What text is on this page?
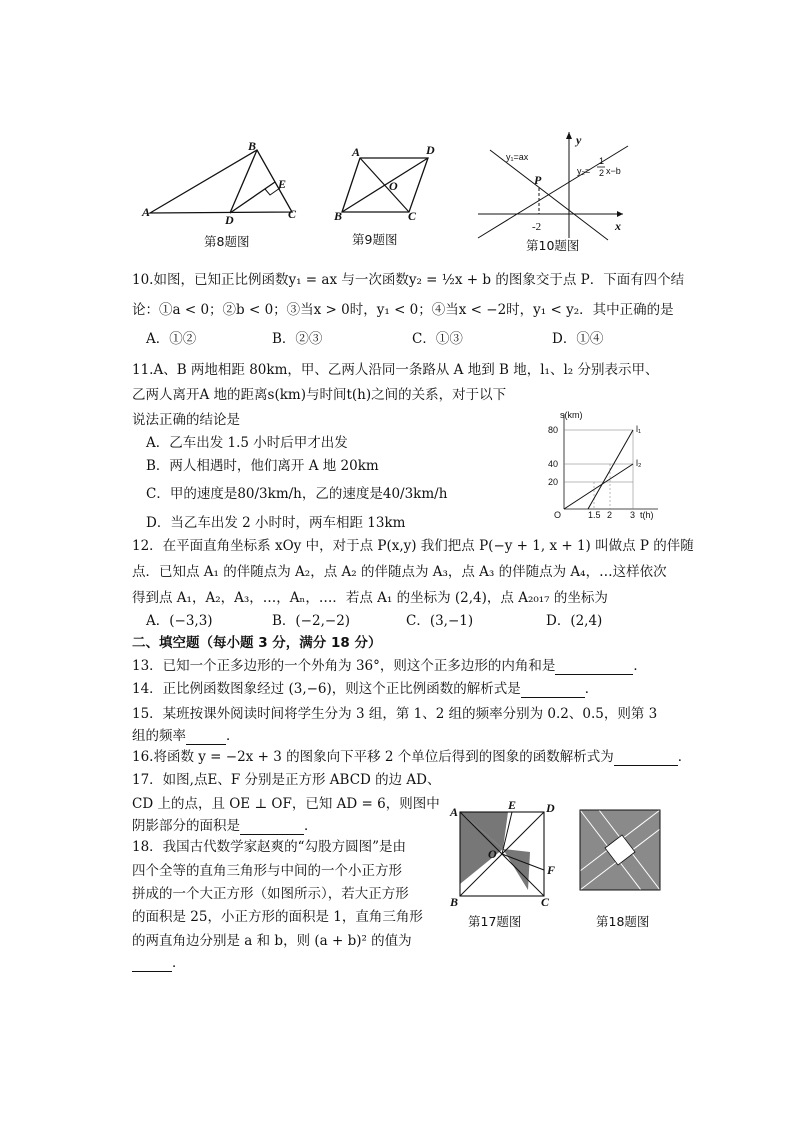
A
B
C
D
E
第8题图
A
B	C
D
O
第9题图
y₁=ax
y₂=
1
2 x−b
P
-2	x
y
第10题图
10.如图，已知正比例函数y₁ = ax 与一次函数y₂ = ½x + b 的图象交于点 P．下面有四个结
论：①a < 0；②b < 0；③当x > 0时，y₁ < 0；④当x < −2时，y₁ < y₂．其中正确的是
A．①②	B．②③	C．①③	D．①④
11.A、B 两地相距 80km，甲、乙两人沿同一条路从 A 地到 B 地，l₁、l₂ 分别表示甲、
乙两人离开A 地的距离s(km)与时间t(h)之间的关系，对于以下
说法正确的结论是
A．乙车出发 1.5 小时后甲才出发
B．两人相遇时，他们离开 A 地 20km
C．甲的速度是80/3km/h，乙的速度是40/3km/h
D．当乙车出发 2 小时时，两车相距 13km
s(km)
80
40
20
O	1.5 2 3 t(h)
l₁
l₂
12．在平面直角坐标系 xOy 中，对于点 P(x,y) 我们把点 P(−y + 1, x + 1) 叫做点 P 的伴随
点．已知点 A₁ 的伴随点为 A₂，点 A₂ 的伴随点为 A₃，点 A₃ 的伴随点为 A₄，…这样依次
得到点 A₁，A₂，A₃，…，Aₙ，…．若点 A₁ 的坐标为 (2,4)，点 A₂₀₁₇ 的坐标为
A．(−3,3)	B．(−2,−2)	C．(3,−1)	D．(2,4)
二、填空题（每小题 3 分，满分 18 分）
13．已知一个正多边形的一个外角为 36°，则这个正多边形的内角和是	．
14．正比例函数图象经过 (3,−6)，则这个正比例函数的解析式是	．
15．某班按课外阅读时间将学生分为 3 组，第 1、2 组的频率分别为 0.2、0.5，则第 3
组的频率	．
16.将函数 y = −2x + 3 的图象向下平移 2 个单位后得到的图象的函数解析式为	．
17．如图,点E、F 分别是正方形 ABCD 的边 AD、
CD 上的点，且 OE ⊥ OF，已知 AD = 6，则图中
阴影部分的面积是	．
18．我国古代数学家赵爽的“勾股方圆图”是由
四个全等的直角三角形与中间的一个小正方形
拼成的一个大正方形（如图所示），若大正方形
的面积是 25，小正方形的面积是 1，直角三角形
的两直角边分别是 a 和 b，则 (a + b)² 的值为
．
A
B	C
D
E
F
O
第17题图	第18题图
